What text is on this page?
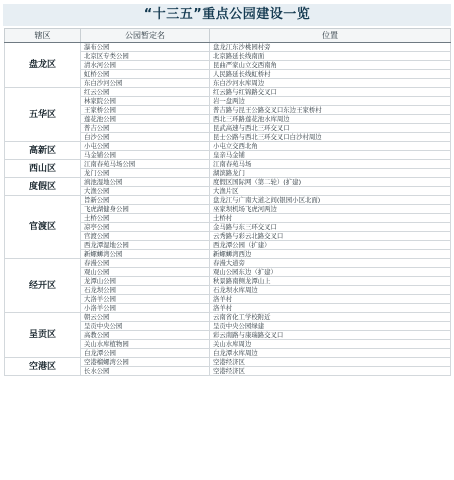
“十三五”重点公园建设一览
辖区	公园暂定名	位置
盘龙区	瀑布公园	盘龙江东沙桃园村旁
	北京区专类公园	北京路延长线南面
	清水河公园	昆曲严家山立交西南角
	虹桥公园	人民路延长线虹桥村
	东白沙河公园	东白沙河水库周边
五华区	红云公园	红云路与红锦路交叉口
	林家院公园	岩一盘两边
	王家桥公园	普吉路与昆王公路交叉口东边王家桥村
	莲花池公园	西北三环路莲花池水库周边
	普吉公园	昆武高速与西北三环交叉口
	白沙公园	昆士公路与西北三环交叉口白沙村周边
高新区	小屯公园	小屯立交西北角
	马金铺公园	皇亲马金铺
西山区	江南春苑马场公园	江南春苑马场
	龙门公园	湖滨路龙门
度假区	滇池湿地公园	度假区国际网（第二轮）(扩建)
	大渔公园	大渔片区
官渡区	旨新公园	盘龙江与广南大道之间(银园小区北面)
	飞虎湖健身公园	巫家坝机场飞虎河两边
	土桥公园	土桥村
	凉亭公园	金马路与东三环交叉口
	官渡公园	云秀路与彩云北路交叉口
	西龙潭湿地公园	西龙潭公园（扩建）
	新螺蛳湾公园	新螺蛳湾西边
经开区	春漫公园	春漫大道旁
	观山公园	观山公园东边（扩建）
	龙潭山公园	秋景路南侧龙潭山上
	石龙坝公园	石龙坝水库周边
	大洛羊公园	洛羊村
	小洛羊公园	洛羊村
呈贡区	朝云公园	云南省化工学校附近
	呈贡中央公园	呈贡中央公园绿建
	高教公园	彩云南路与康瑞路交叉口
	关山水库植物园	关山水库周边
	白龙潭公园	白龙潭水库周边
空港区	空港榴螺湾公园	空港经济区
	长水公园	空港经济区
